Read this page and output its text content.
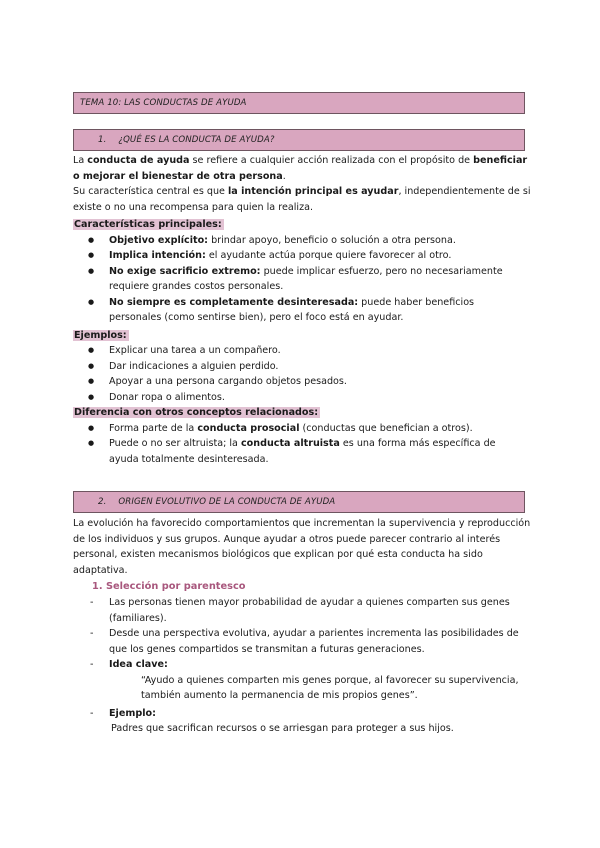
TEMA 10: LAS CONDUCTAS DE AYUDA
1. ¿QUÉ ES LA CONDUCTA DE AYUDA?

La conducta de ayuda se refiere a cualquier acción realizada con el propósito de beneficiar o mejorar el bienestar de otra persona.

Su característica central es que la intención principal es ayudar, independientemente de si existe o no una recompensa para quien la realiza.

Características principales:

● Objetivo explícito: brindar apoyo, beneficio o solución a otra persona.
● Implica intención: el ayudante actúa porque quiere favorecer al otro.
● No exige sacrificio extremo: puede implicar esfuerzo, pero no necesariamente requiere grandes costos personales.
● No siempre es completamente desinteresada: puede haber beneficios personales (como sentirse bien), pero el foco está en ayudar.

Ejemplos:

● Explicar una tarea a un compañero.
● Dar indicaciones a alguien perdido.
● Apoyar a una persona cargando objetos pesados.
● Donar ropa o alimentos.

Diferencia con otros conceptos relacionados:

● Forma parte de la conducta prosocial (conductas que benefician a otros).
● Puede o no ser altruista; la conducta altruista es una forma más específica de ayuda totalmente desinteresada.
2. ORIGEN EVOLUTIVO DE LA CONDUCTA DE AYUDA

La evolución ha favorecido comportamientos que incrementan la supervivencia y reproducción de los individuos y sus grupos. Aunque ayudar a otros puede parecer contrario al interés personal, existen mecanismos biológicos que explican por qué esta conducta ha sido adaptativa.

1. Selección por parentesco
- Las personas tienen mayor probabilidad de ayudar a quienes comparten sus genes (familiares).
- Desde una perspectiva evolutiva, ayudar a parientes incrementa las posibilidades de que los genes compartidos se transmitan a futuras generaciones.
- Idea clave:
“Ayudo a quienes comparten mis genes porque, al favorecer su supervivencia, también aumento la permanencia de mis propios genes”.
- Ejemplo:
Padres que sacrifican recursos o se arriesgan para proteger a sus hijos.
